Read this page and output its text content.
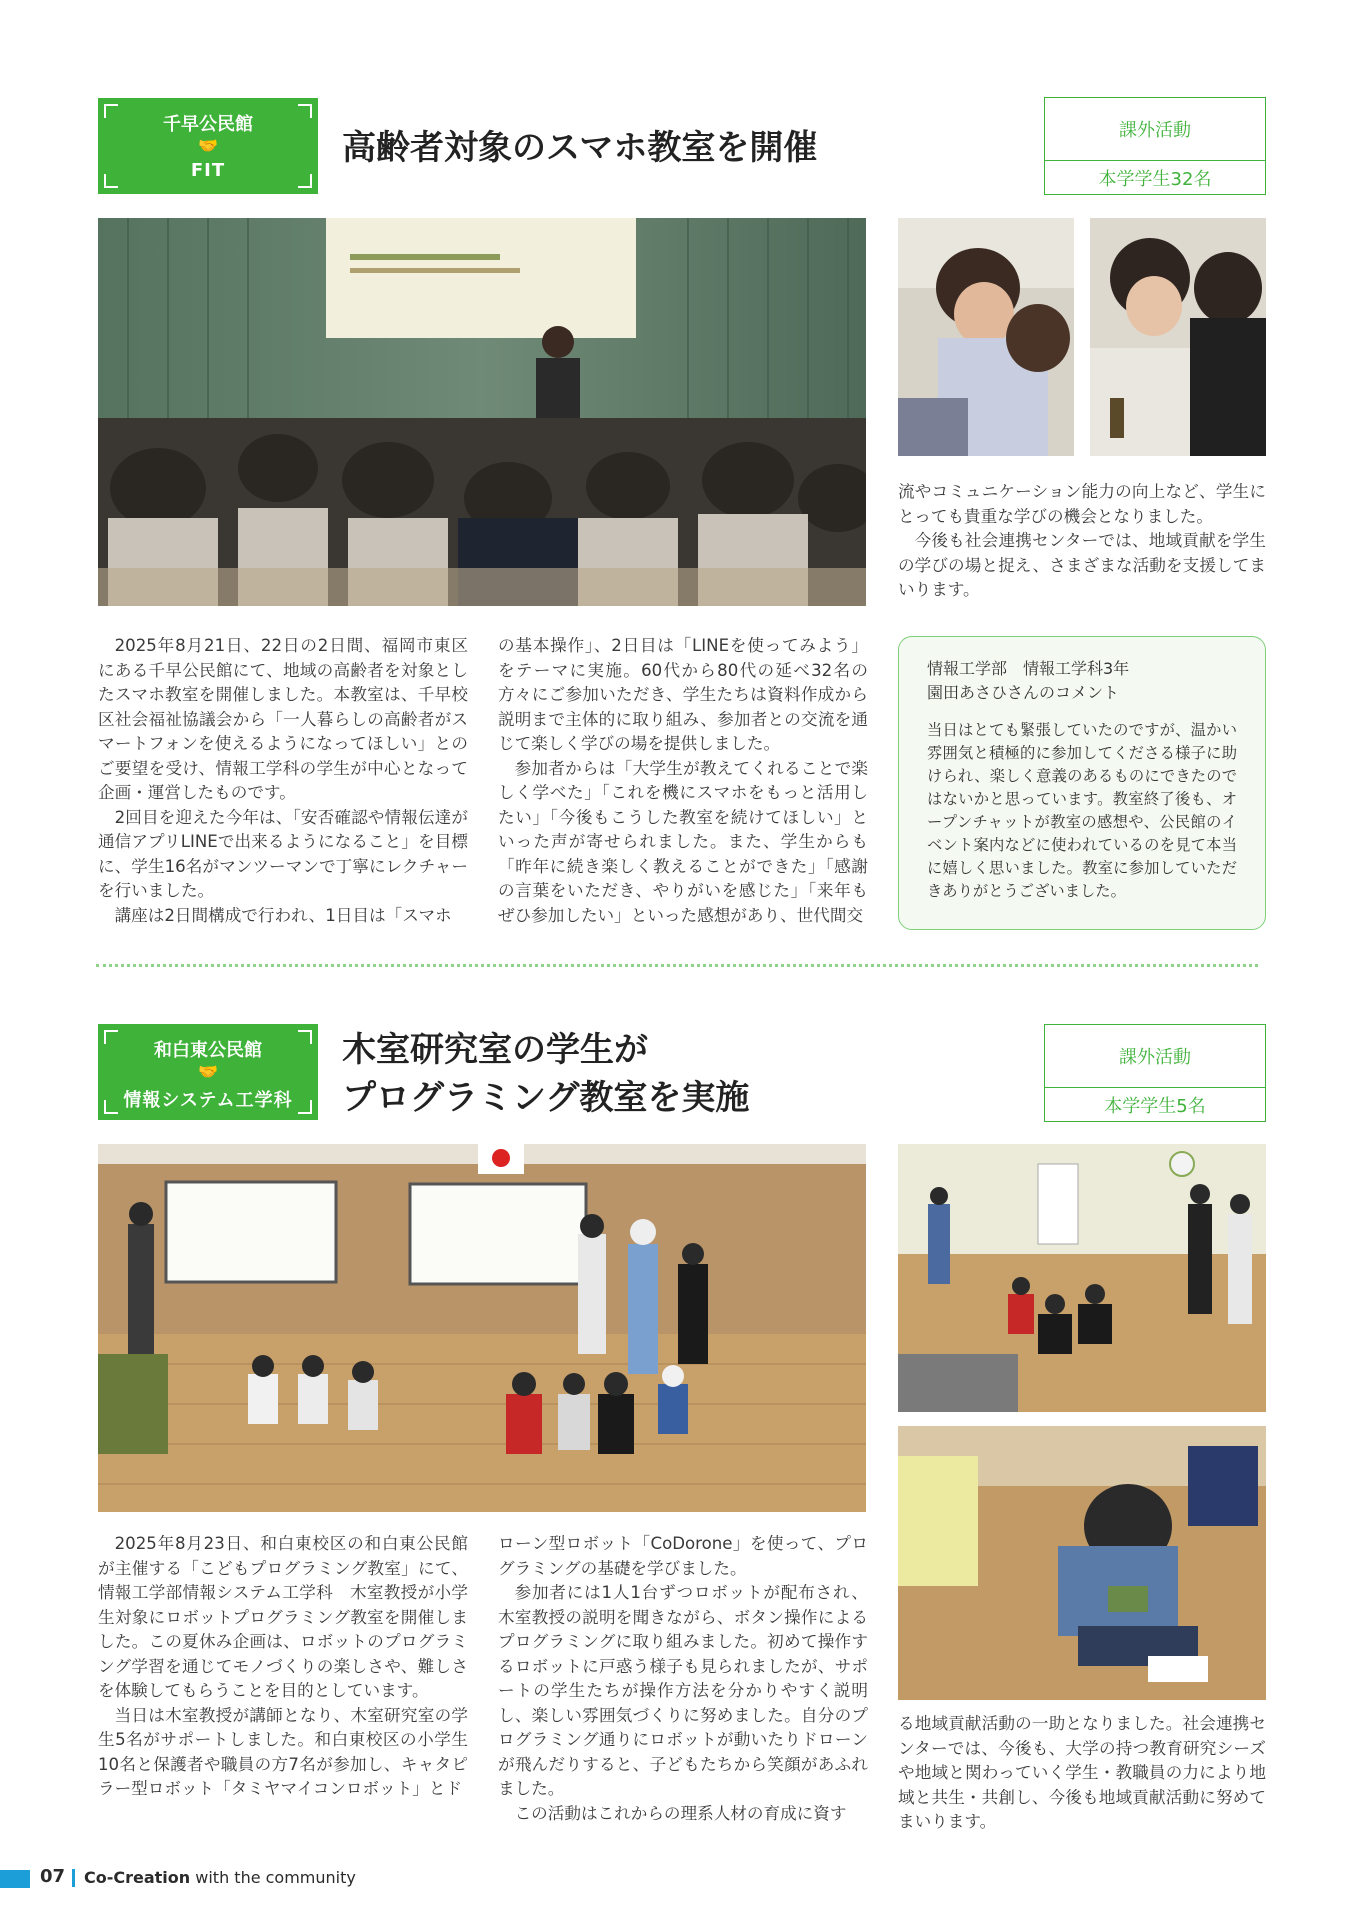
千早公民館
🤝
FIT
高齢者対象のスマホ教室を開催	課外活動
本学学生32名

2025年8月21日、22日の2日間、福岡市東区にある千早公民館にて、地域の高齢者を対象としたスマホ教室を開催しました。本教室は、千早校区社会福祉協議会から「一人暮らしの高齢者がスマートフォンを使えるようになってほしい」とのご要望を受け、情報工学科の学生が中心となって企画・運営したものです。

2回目を迎えた今年は、「安否確認や情報伝達が通信アプリLINEで出来るようになること」を目標に、学生16名がマンツーマンで丁寧にレクチャーを行いました。

講座は2日間構成で行われ、1日目は「スマホ

の基本操作」、2日目は「LINEを使ってみよう」をテーマに実施。60代から80代の延べ32名の方々にご参加いただき、学生たちは資料作成から説明まで主体的に取り組み、参加者との交流を通じて楽しく学びの場を提供しました。

参加者からは「大学生が教えてくれることで楽しく学べた」「これを機にスマホをもっと活用したい」「今後もこうした教室を続けてほしい」といった声が寄せられました。また、学生からも「昨年に続き楽しく教えることができた」「感謝の言葉をいただき、やりがいを感じた」「来年もぜひ参加したい」といった感想があり、世代間交

流やコミュニケーション能力の向上など、学生にとっても貴重な学びの機会となりました。

今後も社会連携センターでは、地域貢献を学生の学びの場と捉え、さまざまな活動を支援してまいります。

情報工学部　情報工学科3年
園田あさひさんのコメント
当日はとても緊張していたのですが、温かい雰囲気と積極的に参加してくださる様子に助けられ、楽しく意義のあるものにできたのではないかと思っています。教室終了後も、オープンチャットが教室の感想や、公民館のイベント案内などに使われているのを見て本当に嬉しく思いました。教室に参加していただきありがとうございました。
和白東公民館
🤝
情報システム工学科
木室研究室の学生が
プログラミング教室を実施
課外活動
本学学生5名

2025年8月23日、和白東校区の和白東公民館が主催する「こどもプログラミング教室」にて、情報工学部情報システム工学科　木室教授が小学生対象にロボットプログラミング教室を開催しました。この夏休み企画は、ロボットのプログラミング学習を通じてモノづくりの楽しさや、難しさを体験してもらうことを目的としています。

当日は木室教授が講師となり、木室研究室の学生5名がサポートしました。和白東校区の小学生10名と保護者や職員の方7名が参加し、キャタピラー型ロボット「タミヤマイコンロボット」とド

ローン型ロボット「CoDorone」を使って、プログラミングの基礎を学びました。

参加者には1人1台ずつロボットが配布され、木室教授の説明を聞きながら、ボタン操作によるプログラミングに取り組みました。初めて操作するロボットに戸惑う様子も見られましたが、サポートの学生たちが操作方法を分かりやすく説明し、楽しい雰囲気づくりに努めました。自分のプログラミング通りにロボットが動いたりドローンが飛んだりすると、子どもたちから笑顔があふれました。

この活動はこれからの理系人材の育成に資す

る地域貢献活動の一助となりました。社会連携センターでは、今後も、大学の持つ教育研究シーズや地域と関わっていく学生・教職員の力により地域と共生・共創し、今後も地域貢献活動に努めてまいります。

07 Co-Creation with the community
